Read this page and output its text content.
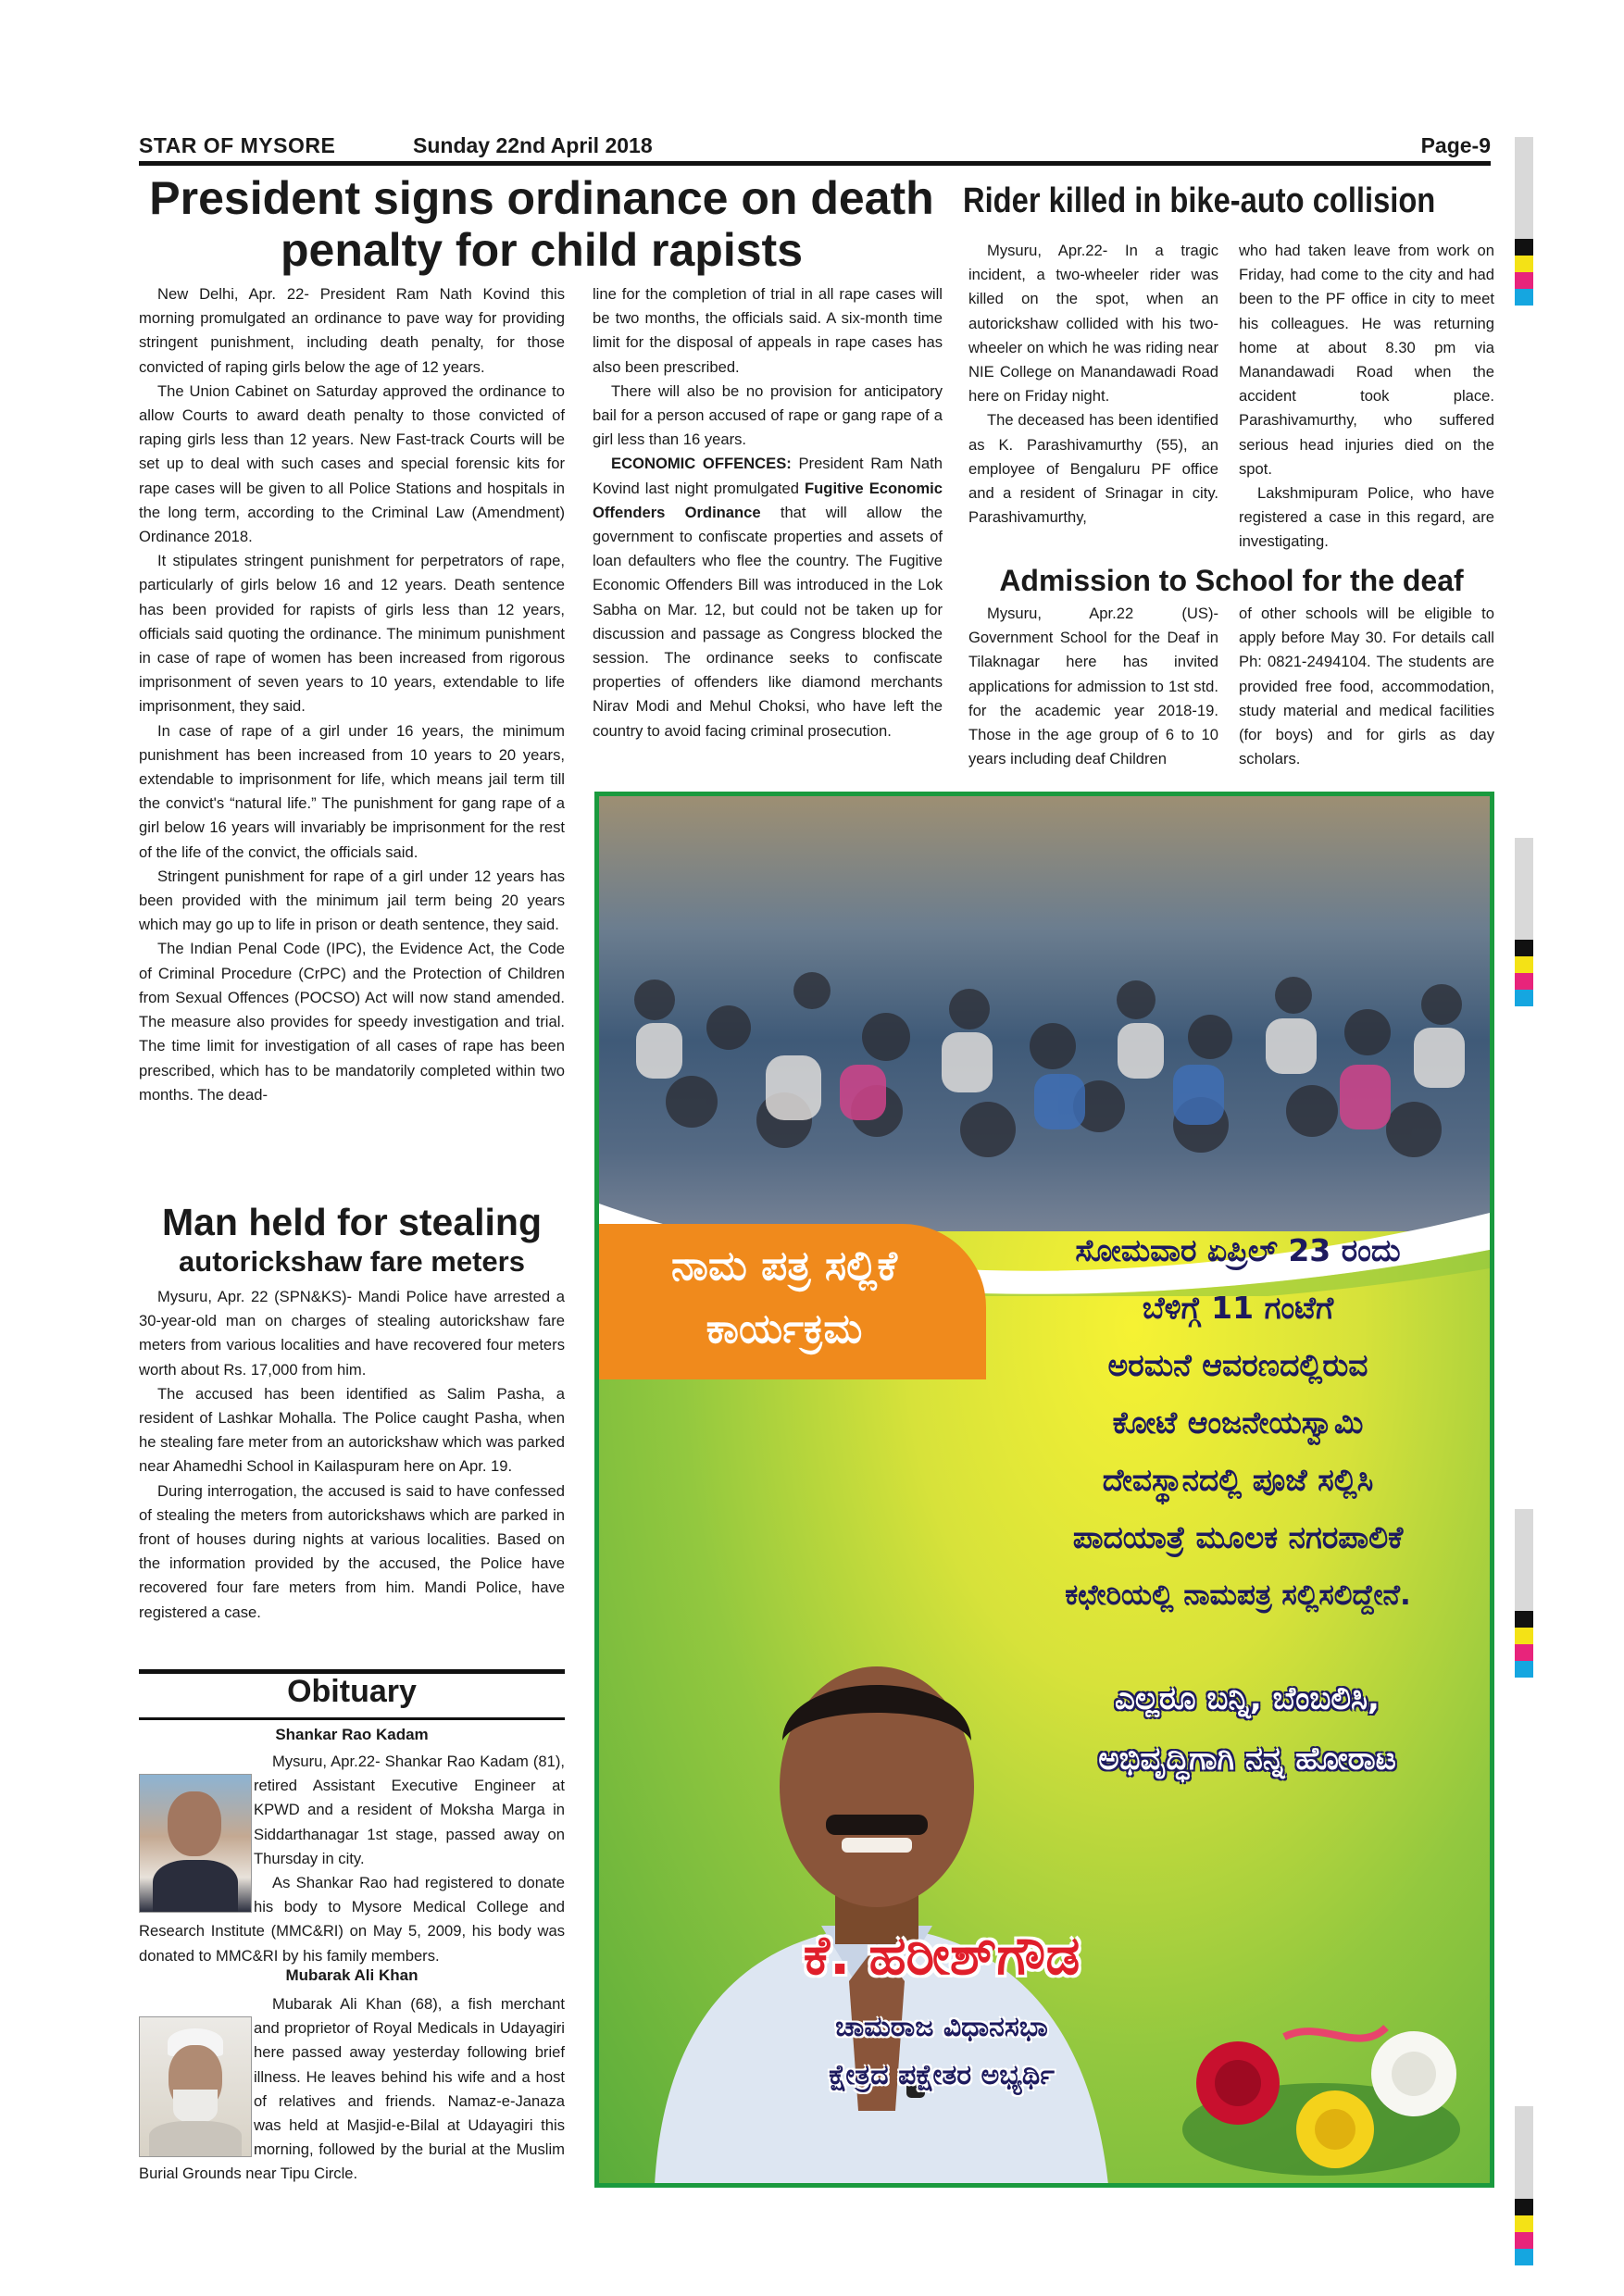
STAR OF MYSORE	Sunday 22nd April 2018	Page-9
President signs ordinance on death penalty for child rapists

New Delhi, Apr. 22- President Ram Nath Kovind this morning promulgated an ordinance to pave way for providing stringent punishment, including death penalty, for those convicted of raping girls below the age of 12 years.

The Union Cabinet on Saturday approved the ordinance to allow Courts to award death penalty to those convicted of raping girls less than 12 years. New Fast-track Courts will be set up to deal with such cases and special forensic kits for rape cases will be given to all Police Stations and hospitals in the long term, according to the Criminal Law (Amendment) Ordinance 2018.

It stipulates stringent punishment for perpetrators of rape, particularly of girls below 16 and 12 years. Death sentence has been provided for rapists of girls less than 12 years, officials said quoting the ordinance. The minimum punishment in case of rape of women has been increased from rigorous imprisonment of seven years to 10 years, extendable to life imprisonment, they said.

In case of rape of a girl under 16 years, the minimum punishment has been increased from 10 years to 20 years, extendable to imprisonment for life, which means jail term till the convict's “natural life.” The punishment for gang rape of a girl below 16 years will invariably be imprisonment for the rest of the life of the convict, the officials said.

Stringent punishment for rape of a girl under 12 years has been provided with the minimum jail term being 20 years which may go up to life in prison or death sentence, they said.

The Indian Penal Code (IPC), the Evidence Act, the Code of Criminal Procedure (CrPC) and the Protection of Children from Sexual Offences (POCSO) Act will now stand amended. The measure also provides for speedy investigation and trial. The time limit for investigation of all cases of rape has been prescribed, which has to be mandatorily completed within two months. The dead-

line for the completion of trial in all rape cases will be two months, the officials said. A six-month time limit for the disposal of appeals in rape cases has also been prescribed.

There will also be no provision for anticipatory bail for a person accused of rape or gang rape of a girl less than 16 years.

ECONOMIC OFFENCES: President Ram Nath Kovind last night promulgated Fugitive Economic Offenders Ordinance that will allow the government to confiscate properties and assets of loan defaulters who flee the country. The Fugitive Economic Offenders Bill was introduced in the Lok Sabha on Mar. 12, but could not be taken up for discussion and passage as Congress blocked the session. The ordinance seeks to confiscate properties of offenders like diamond merchants Nirav Modi and Mehul Choksi, who have left the country to avoid facing criminal prosecution.

Rider killed in bike-auto collision

Mysuru, Apr.22- In a tragic incident, a two-wheeler rider was killed on the spot, when an autorickshaw collided with his two-wheeler on which he was riding near NIE College on Manandawadi Road here on Friday night.

The deceased has been identified as K. Parashivamurthy (55), an employee of Bengaluru PF office and a resident of Srinagar in city. Parashivamurthy,

who had taken leave from work on Friday, had come to the city and had been to the PF office in city to meet his colleagues. He was returning home at about 8.30 pm via Manandawadi Road when the accident took place. Parashivamurthy, who suffered serious head injuries died on the spot.

Lakshmipuram Police, who have registered a case in this regard, are investigating.

Admission to School for the deaf

Mysuru, Apr.22 (US)- Government School for the Deaf in Tilaknagar here has invited applications for admission to 1st std. for the academic year 2018-19. Those in the age group of 6 to 10 years including deaf Children

of other schools will be eligible to apply before May 30. For details call Ph: 0821-2494104. The students are provided free food, accommodation, study material and medical facilities (for boys) and for girls as day scholars.

Man held for stealing
autorickshaw fare meters

Mysuru, Apr. 22 (SPN&KS)- Mandi Police have arrested a 30-year-old man on charges of stealing autorickshaw fare meters from various localities and have recovered four meters worth about Rs. 17,000 from him.

The accused has been identified as Salim Pasha, a resident of Lashkar Mohalla. The Police caught Pasha, when he stealing fare meter from an autorickshaw which was parked near Ahamedhi School in Kailaspuram here on Apr. 19.

During interrogation, the accused is said to have confessed of stealing the meters from autorickshaws which are parked in front of houses during nights at various localities. Based on the information provided by the accused, the Police have recovered four fare meters from him. Mandi Police, have registered a case.

Obituary
Shankar Rao Kadam

Mysuru, Apr.22- Shankar Rao Kadam (81), retired Assistant Executive Engineer at KPWD and a resident of Moksha Marga in Siddarthanagar 1st stage, passed away on Thursday in city.

As Shankar Rao had registered to donate his body to Mysore Medical College and Research Institute (MMC&RI) on May 5, 2009, his body was donated to MMC&RI by his family members.

Mubarak Ali Khan

Mubarak Ali Khan (68), a fish merchant and proprietor of Royal Medicals in Udayagiri here passed away yesterday following brief illness. He leaves behind his wife and a host of relatives and friends. Namaz-e-Janaza was held at Masjid-e-Bilal at Udayagiri this morning, followed by the burial at the Muslim Burial Grounds near Tipu Circle.

ನಾಮ ಪತ್ರ ಸಲ್ಲಿಕೆ
ಕಾರ್ಯಕ್ರಮ
ಸೋಮವಾರ ಏಪ್ರಿಲ್ 23 ರಂದು
ಬೆಳಿಗ್ಗೆ 11 ಗಂಟೆಗೆ
ಅರಮನೆ ಆವರಣದಲ್ಲಿರುವ
ಕೋಟೆ ಆಂಜನೇಯಸ್ವಾಮಿ
ದೇವಸ್ಥಾನದಲ್ಲಿ ಪೂಜೆ ಸಲ್ಲಿಸಿ
ಪಾದಯಾತ್ರೆ ಮೂಲಕ ನಗರಪಾಲಿಕೆ
ಕಛೇರಿಯಲ್ಲಿ ನಾಮಪತ್ರ ಸಲ್ಲಿಸಲಿದ್ದೇನೆ.
ಎಲ್ಲರೂ ಬನ್ನಿ, ಬೆಂಬಲಿಸಿ,
ಅಭಿವೃದ್ಧಿಗಾಗಿ ನನ್ನ ಹೋರಾಟ
ಕೆ. ಹರೀಶ್‌ಗೌಡ
ಚಾಮರಾಜ ವಿಧಾನಸಭಾ
ಕ್ಷೇತ್ರದ ಪಕ್ಷೇತರ ಅಭ್ಯರ್ಥಿ
